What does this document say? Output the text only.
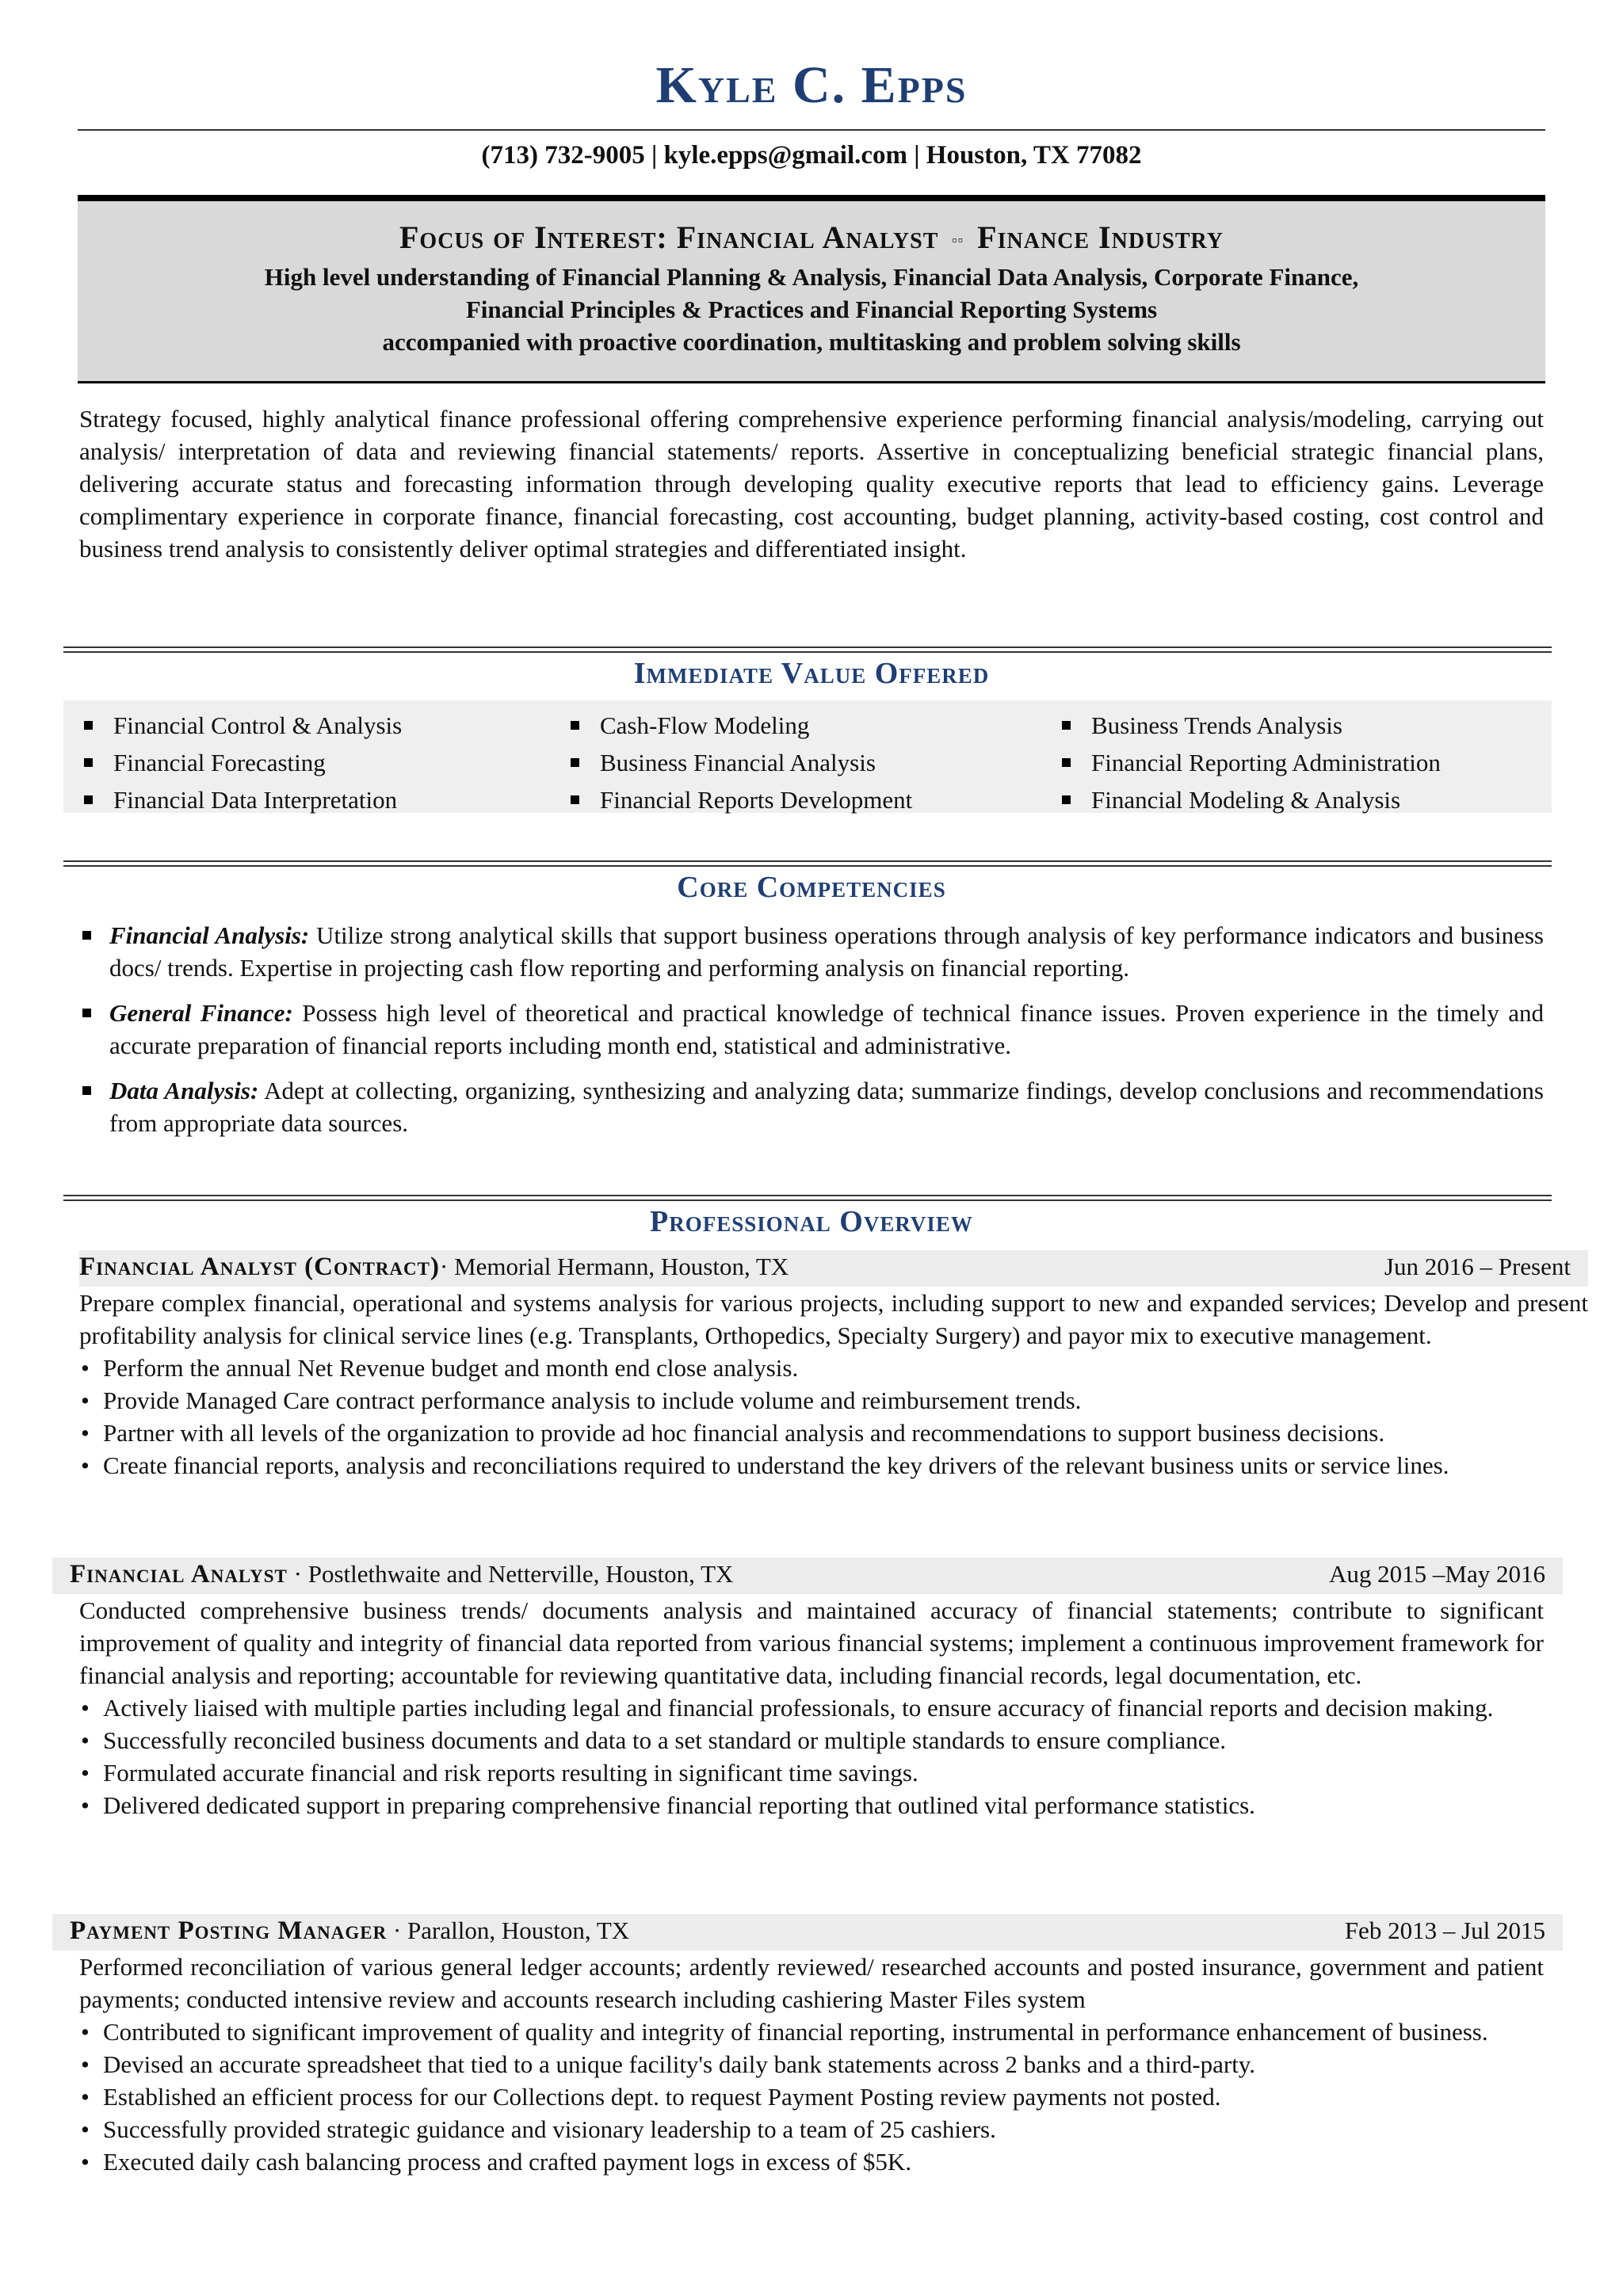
Kyle C. Epps
(713) 732-9005 | kyle.epps@gmail.com | Houston, TX 77082
Focus of Interest: Financial Analyst ▫▫ Finance Industry
High level understanding of Financial Planning & Analysis, Financial Data Analysis, Corporate Finance,
Financial Principles & Practices and Financial Reporting Systems
accompanied with proactive coordination, multitasking and problem solving skills
Strategy focused, highly analytical finance professional offering comprehensive experience performing financial analysis/modeling, carrying out analysis/ interpretation of data and reviewing financial statements/ reports. Assertive in conceptualizing beneficial strategic financial plans, delivering accurate status and forecasting information through developing quality executive reports that lead to efficiency gains. Leverage complimentary experience in corporate finance, financial forecasting, cost accounting, budget planning, activity-based costing, cost control and business trend analysis to consistently deliver optimal strategies and differentiated insight.
Immediate Value Offered
Financial Control & Analysis
Financial Forecasting
Financial Data Interpretation
Cash-Flow Modeling
Business Financial Analysis
Financial Reports Development
Business Trends Analysis
Financial Reporting Administration
Financial Modeling & Analysis
Core Competencies
Financial Analysis: Utilize strong analytical skills that support business operations through analysis of key performance indicators and business docs/ trends. Expertise in projecting cash flow reporting and performing analysis on financial reporting.
General Finance: Possess high level of theoretical and practical knowledge of technical finance issues. Proven experience in the timely and accurate preparation of financial reports including month end, statistical and administrative.
Data Analysis: Adept at collecting, organizing, synthesizing and analyzing data; summarize findings, develop conclusions and recommendations from appropriate data sources.
Professional Overview
Financial Analyst (Contract)· Memorial Hermann, Houston, TX	Jun 2016 – Present
Prepare complex financial, operational and systems analysis for various projects, including support to new and expanded services; Develop and present profitability analysis for clinical service lines (e.g. Transplants, Orthopedics, Specialty Surgery) and payor mix to executive management.
• Perform the annual Net Revenue budget and month end close analysis.
• Provide Managed Care contract performance analysis to include volume and reimbursement trends.
• Partner with all levels of the organization to provide ad hoc financial analysis and recommendations to support business decisions.
• Create financial reports, analysis and reconciliations required to understand the key drivers of the relevant business units or service lines.
Financial Analyst · Postlethwaite and Netterville, Houston, TX	Aug 2015 –May 2016
Conducted comprehensive business trends/ documents analysis and maintained accuracy of financial statements; contribute to significant improvement of quality and integrity of financial data reported from various financial systems; implement a continuous improvement framework for financial analysis and reporting; accountable for reviewing quantitative data, including financial records, legal documentation, etc.
• Actively liaised with multiple parties including legal and financial professionals, to ensure accuracy of financial reports and decision making.
• Successfully reconciled business documents and data to a set standard or multiple standards to ensure compliance.
• Formulated accurate financial and risk reports resulting in significant time savings.
• Delivered dedicated support in preparing comprehensive financial reporting that outlined vital performance statistics.
Payment Posting Manager · Parallon, Houston, TX	Feb 2013 – Jul 2015
Performed reconciliation of various general ledger accounts; ardently reviewed/ researched accounts and posted insurance, government and patient payments; conducted intensive review and accounts research including cashiering Master Files system
• Contributed to significant improvement of quality and integrity of financial reporting, instrumental in performance enhancement of business.
• Devised an accurate spreadsheet that tied to a unique facility's daily bank statements across 2 banks and a third-party.
• Established an efficient process for our Collections dept. to request Payment Posting review payments not posted.
• Successfully provided strategic guidance and visionary leadership to a team of 25 cashiers.
• Executed daily cash balancing process and crafted payment logs in excess of $5K.
